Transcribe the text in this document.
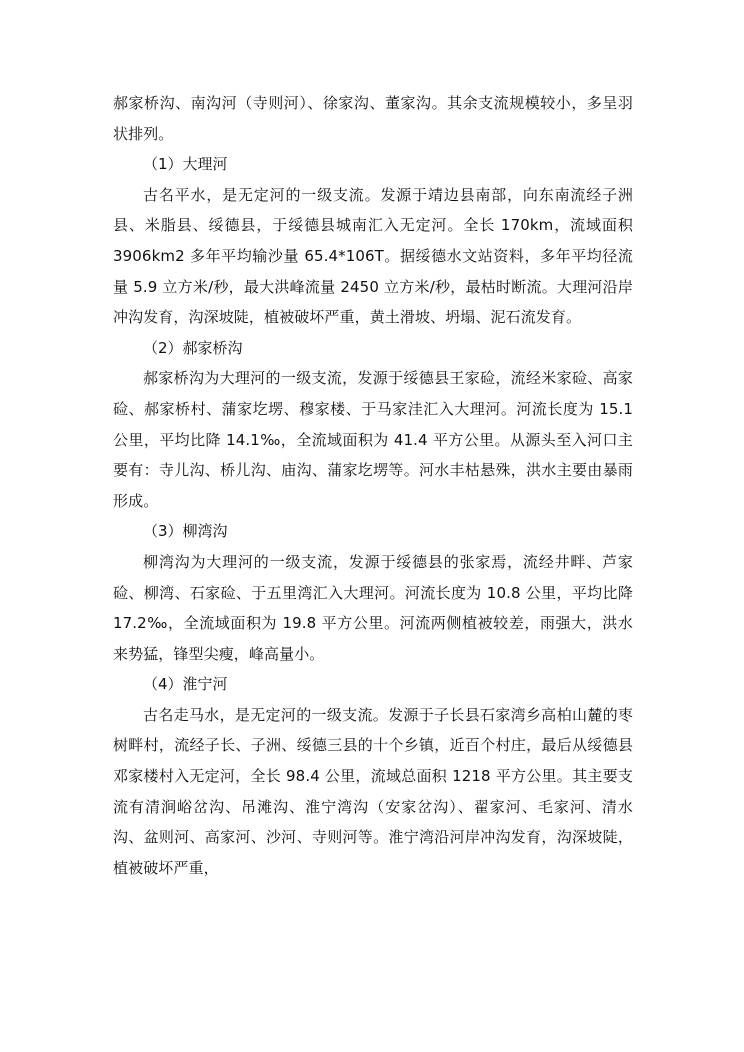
郝家桥沟、南沟河（寺则河）、徐家沟、董家沟。其余支流规模较小，多呈羽状排列。

（1）大理河

古名平水，是无定河的一级支流。发源于靖边县南部，向东南流经子洲县、米脂县、绥德县，于绥德县城南汇入无定河。全长 170km，流域面积 3906km2 多年平均输沙量 65.4*106T。据绥德水文站资料，多年平均径流量 5.9 立方米/秒，最大洪峰流量 2450 立方米/秒，最枯时断流。大理河沿岸冲沟发育，沟深坡陡，植被破坏严重，黄土滑坡、坍塌、泥石流发育。

（2）郝家桥沟

郝家桥沟为大理河的一级支流，发源于绥德县王家硷，流经米家硷、高家硷、郝家桥村、蒲家圪塄、穆家楼、于马家洼汇入大理河。河流长度为 15.1 公里，平均比降 14.1‰，全流域面积为 41.4 平方公里。从源头至入河口主要有：寺儿沟、桥儿沟、庙沟、蒲家圪塄等。河水丰枯悬殊，洪水主要由暴雨形成。

（3）柳湾沟

柳湾沟为大理河的一级支流，发源于绥德县的张家焉，流经井畔、芦家硷、柳湾、石家硷、于五里湾汇入大理河。河流长度为 10.8 公里，平均比降 17.2‰，全流域面积为 19.8 平方公里。河流两侧植被较差，雨强大，洪水来势猛，锋型尖瘦，峰高量小。

（4）淮宁河

古名走马水，是无定河的一级支流。发源于子长县石家湾乡高柏山麓的枣树畔村，流经子长、子洲、绥德三县的十个乡镇，近百个村庄，最后从绥德县邓家楼村入无定河，全长 98.4 公里，流域总面积 1218 平方公里。其主要支流有清涧峪岔沟、吊滩沟、淮宁湾沟（安家岔沟）、翟家河、毛家河、清水沟、盆则河、高家河、沙河、寺则河等。淮宁湾沿河岸冲沟发育，沟深坡陡，植被破坏严重，
